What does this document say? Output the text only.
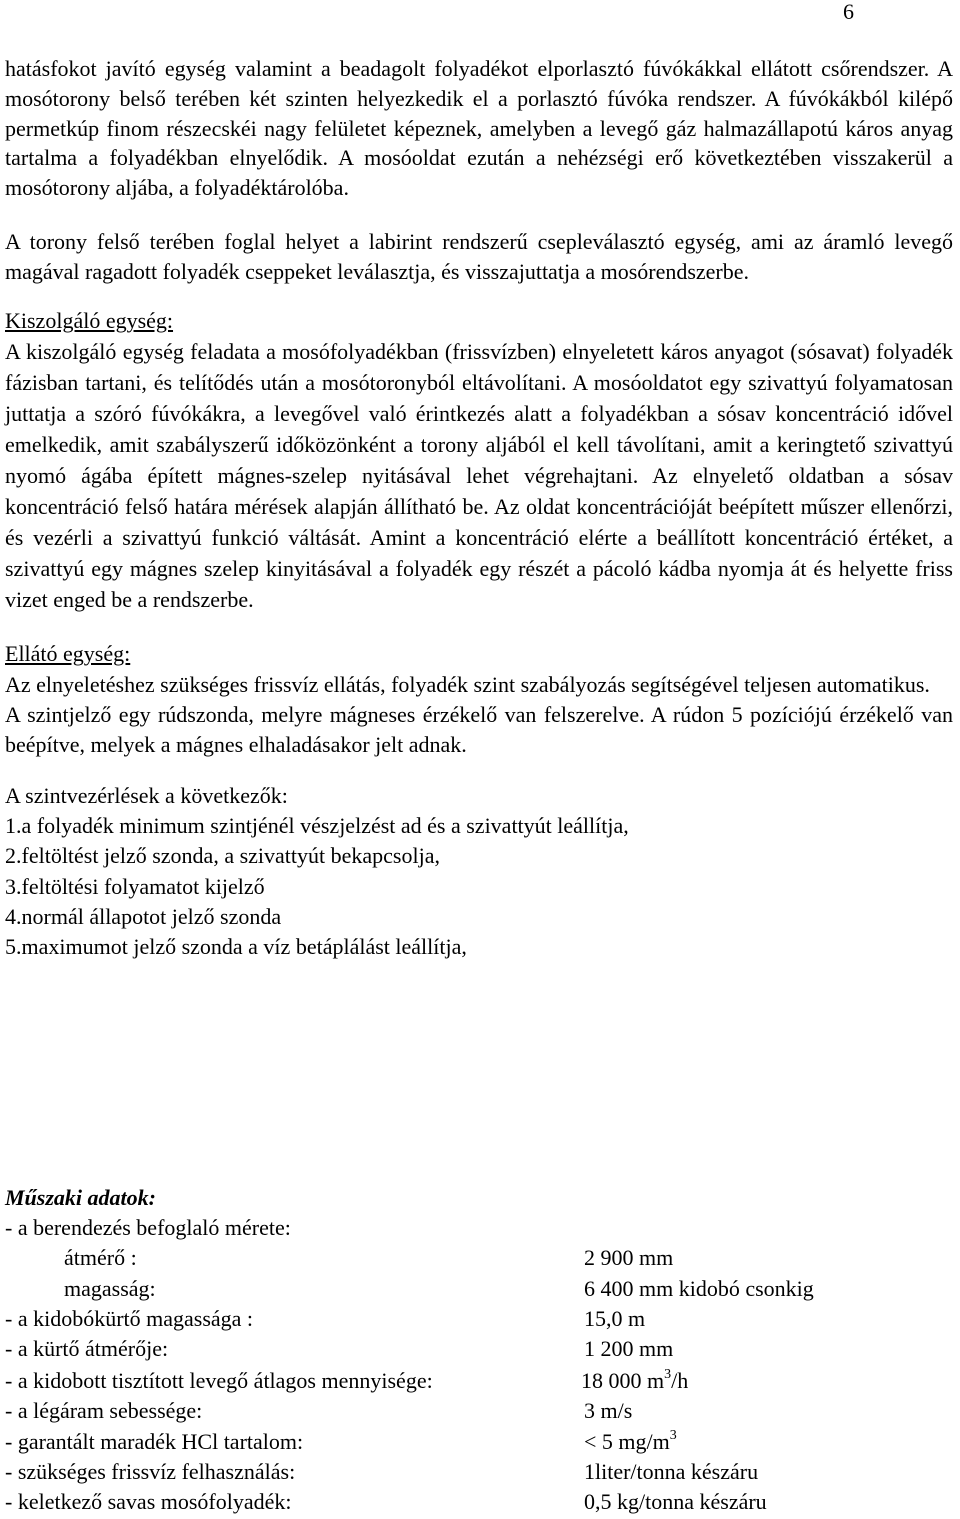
6

hatásfokot javító egység valamint a beadagolt folyadékot elporlasztó fúvókákkal ellátott csőrendszer. A mosótorony belső terében két szinten helyezkedik el a porlasztó fúvóka rendszer. A fúvókákból kilépő permetkúp finom részecskéi nagy felületet képeznek, amelyben a levegő gáz halmazállapotú káros anyag tartalma a folyadékban elnyelődik. A mosóoldat ezután a nehézségi erő következtében visszakerül a mosótorony aljába, a folyadéktárolóba.

A torony felső terében foglal helyet a labirint rendszerű csepleválasztó egység, ami az áramló levegő magával ragadott folyadék cseppeket leválasztja, és visszajuttatja a mosórendszerbe.

Kiszolgáló egység:

A kiszolgáló egység feladata a mosófolyadékban (frissvízben) elnyeletett káros anyagot (sósavat) folyadék fázisban tartani, és telítődés után a mosótoronyból eltávolítani. A mosóoldatot egy szivattyú folyamatosan juttatja a szóró fúvókákra, a levegővel való érintkezés alatt a folyadékban a sósav koncentráció idővel emelkedik, amit szabályszerű időközönként a torony aljából el kell távolítani, amit a keringtető szivattyú nyomó ágába épített mágnes-szelep nyitásával lehet végrehajtani. Az elnyelető oldatban a sósav koncentráció felső határa mérések alapján állítható be. Az oldat koncentrációját beépített műszer ellenőrzi, és vezérli a szivattyú funkció váltását. Amint a koncentráció elérte a beállított koncentráció értéket, a szivattyú egy mágnes szelep kinyitásával a folyadék egy részét a pácoló kádba nyomja át és helyette friss vizet enged be a rendszerbe.

Ellátó egység:

Az elnyeletéshez szükséges frissvíz ellátás, folyadék szint szabályozás segítségével teljesen automatikus.

A szintjelző egy rúdszonda, melyre mágneses érzékelő van felszerelve. A rúdon 5 pozíciójú érzékelő van beépítve, melyek a mágnes elhaladásakor jelt adnak.

A szintvezérlések a következők:

1.a folyadék minimum szintjénél vészjelzést ad és a szivattyút leállítja,

2.feltöltést jelző szonda, a szivattyút bekapcsolja,

3.feltöltési folyamatot kijelző

4.normál állapotot jelző szonda

5.maximumot jelző szonda a víz betáplálást leállítja,

Műszaki adatok:
- a berendezés befoglaló mérete:
átmérő :	2 900 mm
magasság:	6 400 mm kidobó csonkig
- a kidobókürtő magassága :	15,0 m
- a kürtő átmérője:	1 200 mm
- a kidobott tisztított levegő átlagos mennyisége:	18 000 $m^3/h$
- a légáram sebessége:	3 m/s
- garantált maradék HCl tartalom:	< 5 $mg/m^3$
- szükséges frissvíz felhasználás:	1liter/tonna készáru
- keletkező savas mosófolyadék:	0,5 kg/tonna készáru
